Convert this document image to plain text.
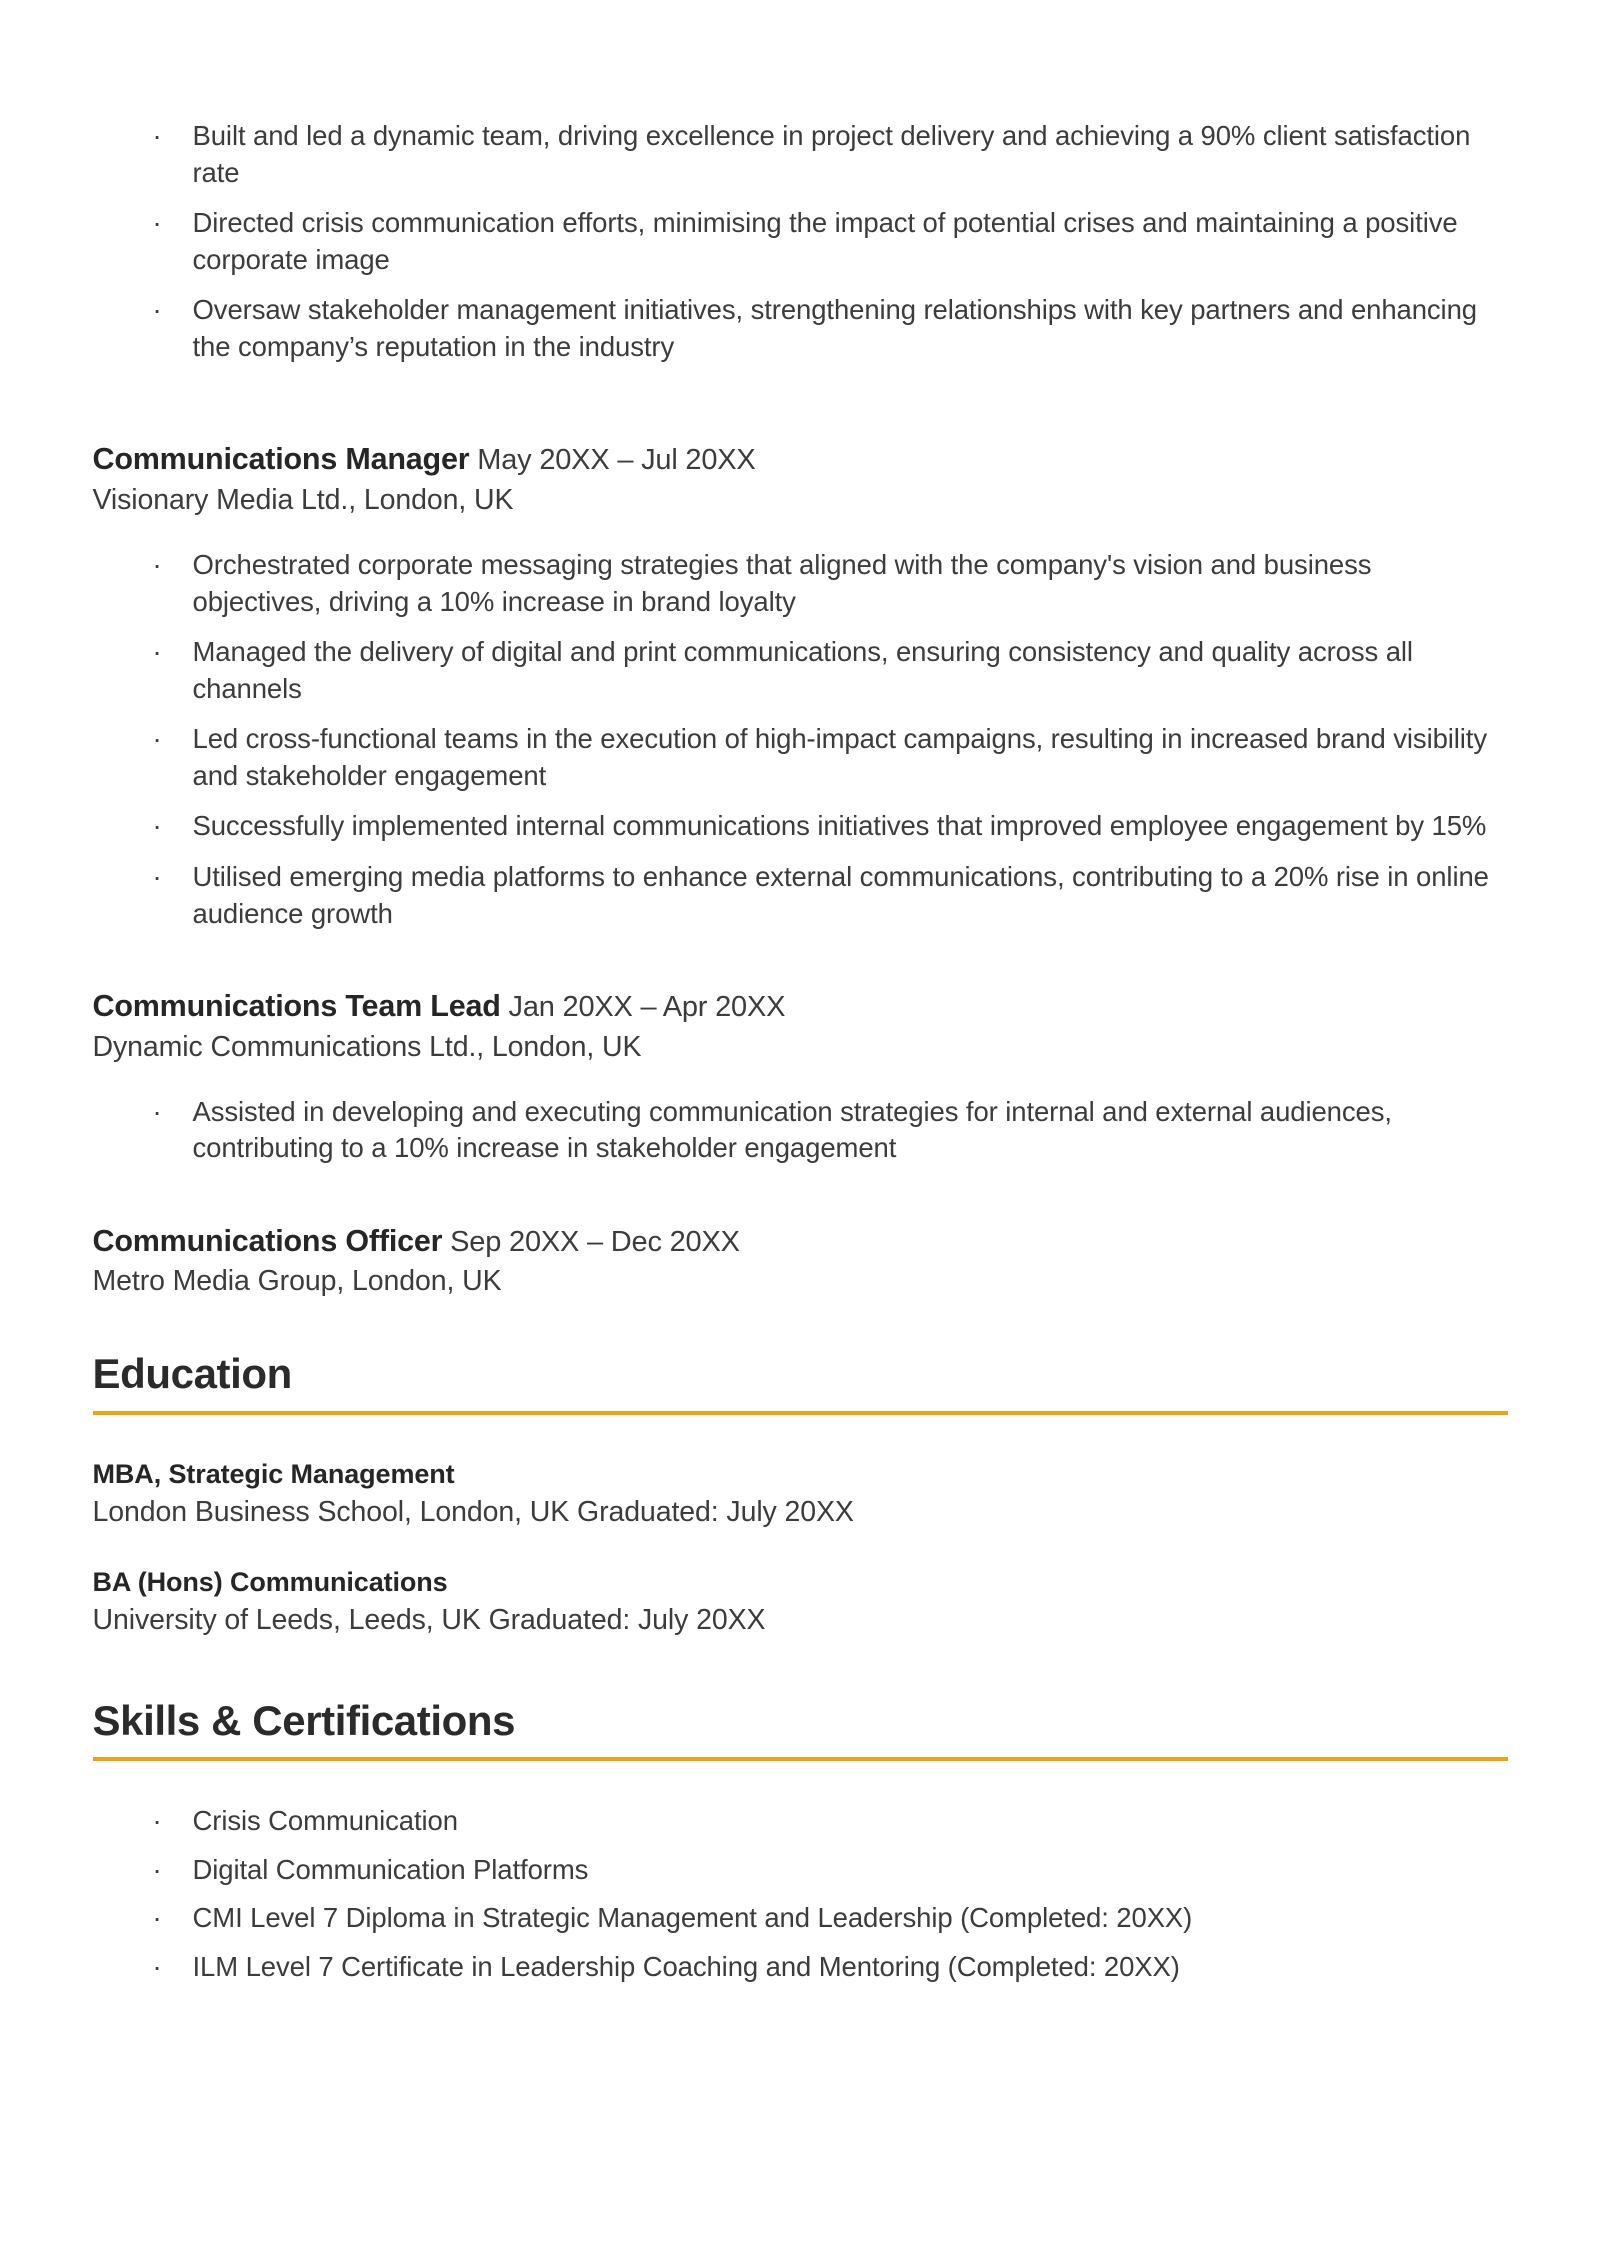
· Built and led a dynamic team, driving excellence in project delivery and achieving a 90% client satisfaction rate
· Directed crisis communication efforts, minimising the impact of potential crises and maintaining a positive corporate image
· Oversaw stakeholder management initiatives, strengthening relationships with key partners and enhancing the company’s reputation in the industry
Communications Manager May 20XX – Jul 20XX
Visionary Media Ltd., London, UK
· Orchestrated corporate messaging strategies that aligned with the company's vision and business objectives, driving a 10% increase in brand loyalty
· Managed the delivery of digital and print communications, ensuring consistency and quality across all channels
· Led cross-functional teams in the execution of high-impact campaigns, resulting in increased brand visibility and stakeholder engagement
· Successfully implemented internal communications initiatives that improved employee engagement by 15%
· Utilised emerging media platforms to enhance external communications, contributing to a 20% rise in online audience growth
Communications Team Lead Jan 20XX – Apr 20XX
Dynamic Communications Ltd., London, UK
· Assisted in developing and executing communication strategies for internal and external audiences, contributing to a 10% increase in stakeholder engagement
Communications Officer Sep 20XX – Dec 20XX
Metro Media Group, London, UK
Education
MBA, Strategic Management
London Business School, London, UK Graduated: July 20XX
BA (Hons) Communications
University of Leeds, Leeds, UK Graduated: July 20XX
Skills & Certifications
· Crisis Communication
· Digital Communication Platforms
· CMI Level 7 Diploma in Strategic Management and Leadership (Completed: 20XX)
· ILM Level 7 Certificate in Leadership Coaching and Mentoring (Completed: 20XX)
